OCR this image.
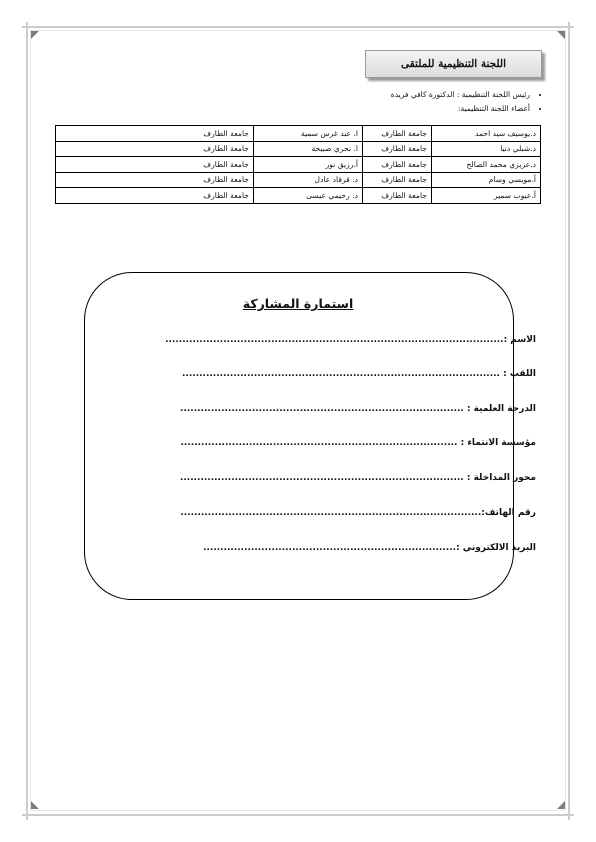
اللجنة التنظيمية للملتقى
• رئيس اللجنة التنظيمية : الدكتورة كافي فريدة
• أعضاء اللجنة التنظيمية:
د.يوسيف سيد احمد	جامعة الطارف	ا. عبد غرس سمية	جامعة الطارف
د.شبلي دنيا	جامعة الطارف	ا. نحري صبيحة	جامعة الطارف
د.عزيزي محمد الصالح	جامعة الطارف	أ.رزيق نور	جامعة الطارف
أ.مويسي وسام	جامعة الطارف	د. قرقاد عادل	جامعة الطارف
أ.عيوب سمير	جامعة الطارف	د. رحيمي عيسى	جامعة الطارف
استمارة المشاركة
الاسم :...................................................................................................
اللقب : .............................................................................................
الدرجة العلمية : ...................................................................................
مؤسسة الانتماء : .................................................................................
محور المداخلة : ...................................................................................
رقم الهاتف:........................................................................................
البريد الالكتروني :..........................................................................
